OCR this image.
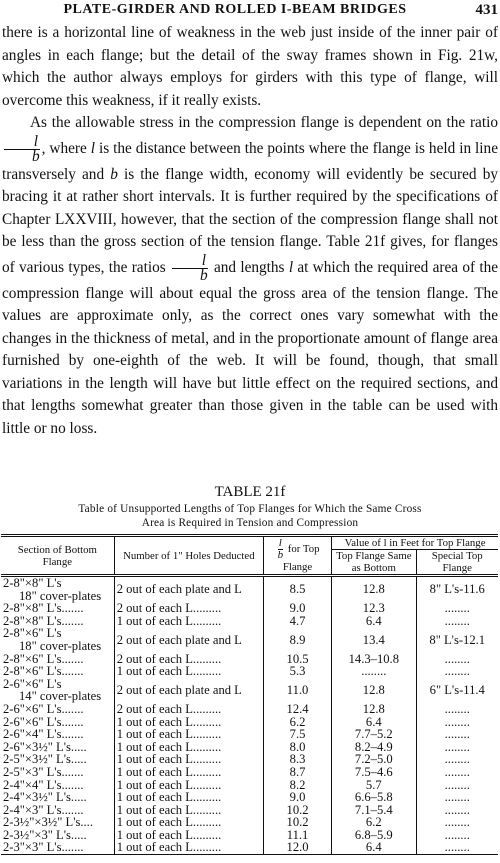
PLATE-GIRDER AND ROLLED I-BEAM BRIDGES	431

there is a horizontal line of weakness in the web just inside of the inner pair of angles in each flange; but the detail of the sway frames shown in Fig. 21w, which the author always employs for girders with this type of flange, will overcome this weakness, if it really exists.

As the allowable stress in the compression flange is dependent on the ratio
$\frac{l}{b}$ , where l is the distance between the points where the flange is held in line transversely and b is the flange width, economy will evidently be secured by bracing it at rather short intervals. It is further required by the specifications of Chapter LXXVIII, however, that the section of the compression flange shall not be less than the gross section of the tension flange. Table 21f gives, for flanges of various types, the ratios $\frac{l}{b}$ and lengths l at which the required area of the compression flange will about equal the gross area of the tension flange. The values are approximate only, as the correct ones vary somewhat with the changes in the thickness of metal, and in the proportionate amount of flange area furnished by one-eighth of the web. It will be found, though, that small variations in the length will have but little effect on the required sections, and that lengths somewhat greater than those given in the table can be used with little or no loss.

TABLE 21f
Table of Unsupported Lengths of Top Flanges for Which the Same Cross
Area is Required in Tension and Compression
Section of Bottom Flange	Number of 1" Holes Deducted	$\frac{l}{b}$ for Top Flange	Value of l in Feet for Top Flange	
			Top Flange Same as Bottom	Special Top Flange
2-8"×8" L's
18" cover-plates	2 out of each plate and L	8.5	12.8	8" L's-11.6
2-8"×8" L's.......	2 out of each L.........	9.0	12.3	........
2-8"×8" L's.......	1 out of each L.........	4.7	6.4	........
2-8"×6" L's
18" cover-plates	2 out of each plate and L	8.9	13.4	8" L's-12.1
2-8"×6" L's.......	2 out of each L.........	10.5	14.3–10.8	........
2-8"×6" L's.......	1 out of each L.........	5.3	........	........
2-6"×6" L's
14" cover-plates	2 out of each plate and L	11.0	12.8	6" L's-11.4
2-6"×6" L's.......	2 out of each L.........	12.4	12.8	........
2-6"×6" L's.......	1 out of each L.........	6.2	6.4	........
2-6"×4" L's.......	1 out of each L.........	7.5	7.7–5.2	........
2-6"×3½" L's.....	1 out of each L.........	8.0	8.2–4.9	........
2-5"×3½" L's.....	1 out of each L.........	8.3	7.2–5.0	........
2-5"×3" L's.......	1 out of each L.........	8.7	7.5–4.6	........
2-4"×4" L's.......	1 out of each L.........	8.2	5.7	........
2-4"×3½" L's.....	1 out of each L.........	9.0	6.6–5.8	........
2-4"×3" L's.......	1 out of each L.........	10.2	7.1–5.4	........
2-3½"×3½" L's....	1 out of each L.........	10.2	6.2	........
2-3½"×3" L's.....	1 out of each L.........	11.1	6.8–5.9	........
2-3"×3" L's.......	1 out of each L.........	12.0	6.4	........
